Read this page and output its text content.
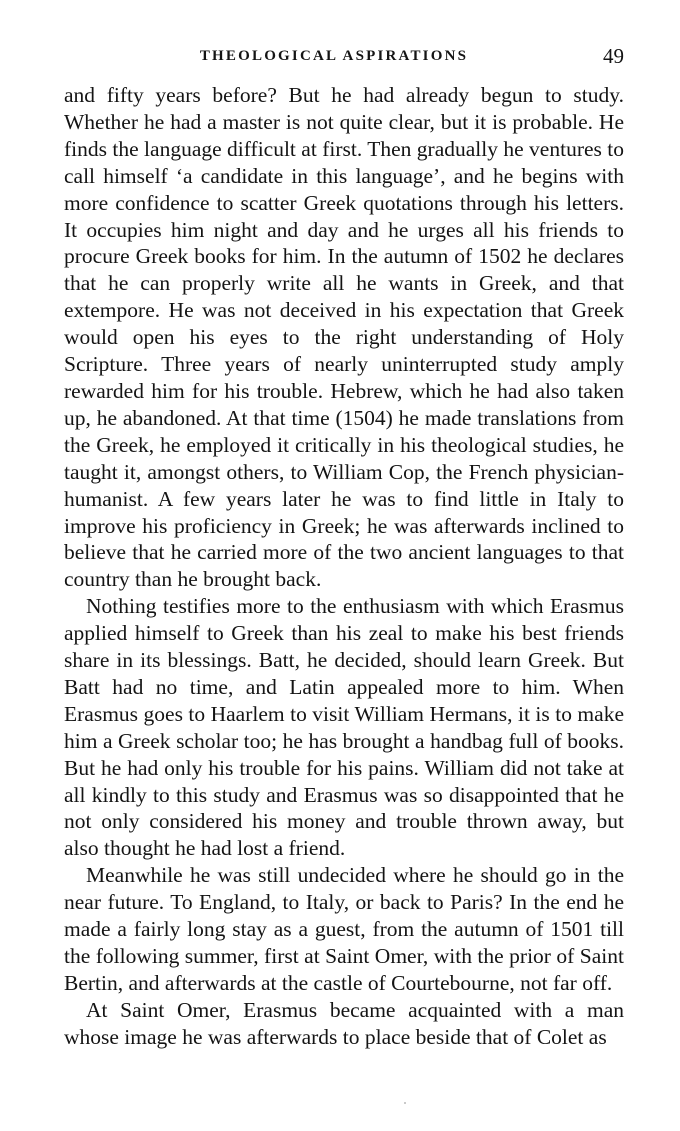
THEOLOGICAL ASPIRATIONS	49

and fifty years before? But he had already begun to study. Whether he had a master is not quite clear, but it is probable. He finds the language difficult at first. Then gradually he ventures to call himself ‘a candidate in this language’, and he begins with more confidence to scatter Greek quotations through his letters. It occupies him night and day and he urges all his friends to procure Greek books for him. In the autumn of 1502 he declares that he can properly write all he wants in Greek, and that extempore. He was not deceived in his expectation that Greek would open his eyes to the right understanding of Holy Scripture. Three years of nearly uninterrupted study amply rewarded him for his trouble. Hebrew, which he had also taken up, he abandoned. At that time (1504) he made translations from the Greek, he employed it critically in his theological studies, he taught it, amongst others, to William Cop, the French physician-humanist. A few years later he was to find little in Italy to improve his proficiency in Greek; he was afterwards inclined to believe that he carried more of the two ancient languages to that country than he brought back.

Nothing testifies more to the enthusiasm with which Erasmus applied himself to Greek than his zeal to make his best friends share in its blessings. Batt, he decided, should learn Greek. But Batt had no time, and Latin appealed more to him. When Erasmus goes to Haarlem to visit William Hermans, it is to make him a Greek scholar too; he has brought a handbag full of books. But he had only his trouble for his pains. William did not take at all kindly to this study and Erasmus was so disappointed that he not only considered his money and trouble thrown away, but also thought he had lost a friend.

Meanwhile he was still undecided where he should go in the near future. To England, to Italy, or back to Paris? In the end he made a fairly long stay as a guest, from the autumn of 1501 till the following summer, first at Saint Omer, with the prior of Saint Bertin, and afterwards at the castle of Courtebourne, not far off.

At Saint Omer, Erasmus became acquainted with a man whose image he was afterwards to place beside that of Colet as
